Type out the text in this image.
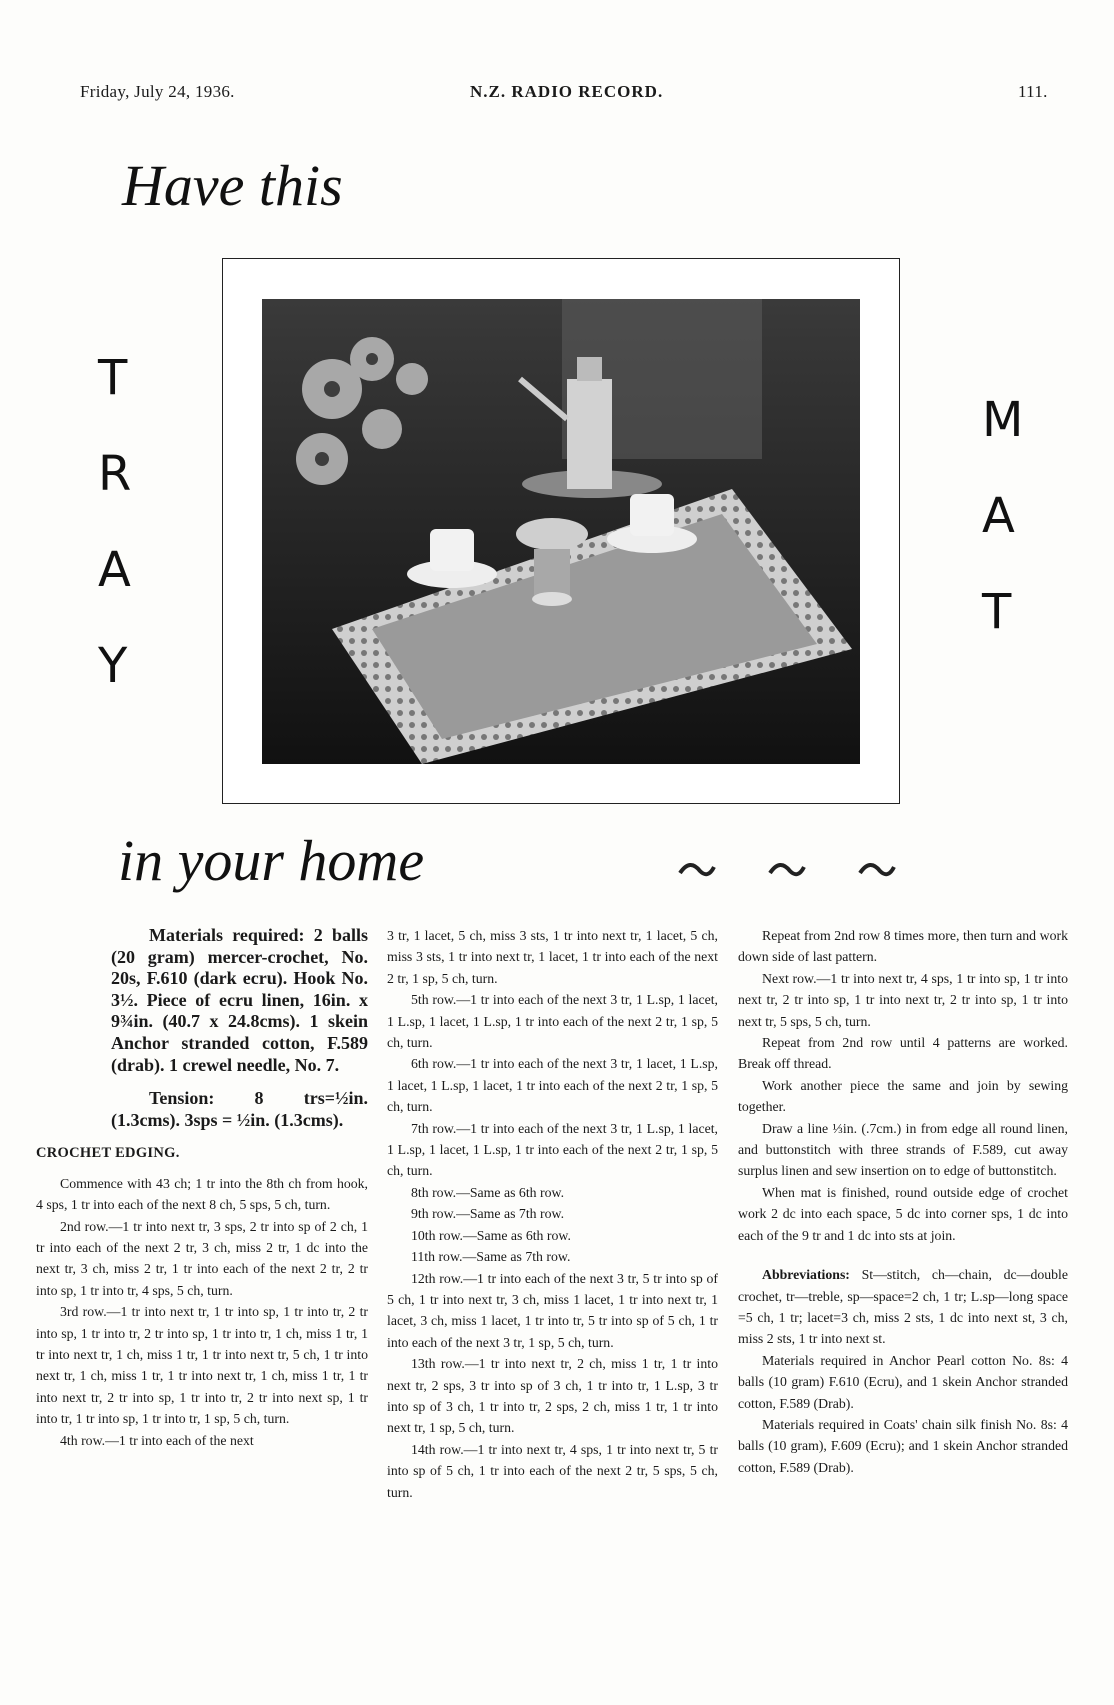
Friday, July 24, 1936.	N.Z. RADIO RECORD.	111.
Have this
T
R
A
Y
M
A
T
in your home

Materials required: 2 balls (20 gram) mercer-crochet, No. 20s, F.610 (dark ecru). Hook No. 3½. Piece of ecru linen, 16in. x 9¾in. (40.7 x 24.8cms). 1 skein Anchor stranded cotton, F.589 (drab). 1 crewel needle, No. 7.

Tension: 8 trs=½in. (1.3cms). 3sps = ½in. (1.3cms).

CROCHET EDGING.

Commence with 43 ch; 1 tr into the 8th ch from hook, 4 sps, 1 tr into each of the next 8 ch, 5 sps, 5 ch, turn.

2nd row.—1 tr into next tr, 3 sps, 2 tr into sp of 2 ch, 1 tr into each of the next 2 tr, 3 ch, miss 2 tr, 1 dc into the next tr, 3 ch, miss 2 tr, 1 tr into each of the next 2 tr, 2 tr into sp, 1 tr into tr, 4 sps, 5 ch, turn.

3rd row.—1 tr into next tr, 1 tr into sp, 1 tr into tr, 2 tr into sp, 1 tr into tr, 2 tr into sp, 1 tr into tr, 1 ch, miss 1 tr, 1 tr into next tr, 1 ch, miss 1 tr, 1 tr into next tr, 5 ch, 1 tr into next tr, 1 ch, miss 1 tr, 1 tr into next tr, 1 ch, miss 1 tr, 1 tr into next tr, 2 tr into sp, 1 tr into tr, 2 tr into next sp, 1 tr into tr, 1 tr into sp, 1 tr into tr, 1 sp, 5 ch, turn.

4th row.—1 tr into each of the next

3 tr, 1 lacet, 5 ch, miss 3 sts, 1 tr into next tr, 1 lacet, 5 ch, miss 3 sts, 1 tr into next tr, 1 lacet, 1 tr into each of the next 2 tr, 1 sp, 5 ch, turn.

5th row.—1 tr into each of the next 3 tr, 1 L.sp, 1 lacet, 1 L.sp, 1 lacet, 1 L.sp, 1 tr into each of the next 2 tr, 1 sp, 5 ch, turn.

6th row.—1 tr into each of the next 3 tr, 1 lacet, 1 L.sp, 1 lacet, 1 L.sp, 1 lacet, 1 tr into each of the next 2 tr, 1 sp, 5 ch, turn.

7th row.—1 tr into each of the next 3 tr, 1 L.sp, 1 lacet, 1 L.sp, 1 lacet, 1 L.sp, 1 tr into each of the next 2 tr, 1 sp, 5 ch, turn.

8th row.—Same as 6th row.

9th row.—Same as 7th row.

10th row.—Same as 6th row.

11th row.—Same as 7th row.

12th row.—1 tr into each of the next 3 tr, 5 tr into sp of 5 ch, 1 tr into next tr, 3 ch, miss 1 lacet, 1 tr into next tr, 1 lacet, 3 ch, miss 1 lacet, 1 tr into tr, 5 tr into sp of 5 ch, 1 tr into each of the next 3 tr, 1 sp, 5 ch, turn.

13th row.—1 tr into next tr, 2 ch, miss 1 tr, 1 tr into next tr, 2 sps, 3 tr into sp of 3 ch, 1 tr into tr, 1 L.sp, 3 tr into sp of 3 ch, 1 tr into tr, 2 sps, 2 ch, miss 1 tr, 1 tr into next tr, 1 sp, 5 ch, turn.

14th row.—1 tr into next tr, 4 sps, 1 tr into next tr, 5 tr into sp of 5 ch, 1 tr into each of the next 2 tr, 5 sps, 5 ch, turn.

Repeat from 2nd row 8 times more, then turn and work down side of last pattern.

Next row.—1 tr into next tr, 4 sps, 1 tr into sp, 1 tr into next tr, 2 tr into sp, 1 tr into next tr, 2 tr into sp, 1 tr into next tr, 5 sps, 5 ch, turn.

Repeat from 2nd row until 4 patterns are worked. Break off thread.

Work another piece the same and join by sewing together.

Draw a line ⅓in. (.7cm.) in from edge all round linen, and buttonstitch with three strands of F.589, cut away surplus linen and sew insertion on to edge of buttonstitch.

When mat is finished, round outside edge of crochet work 2 dc into each space, 5 dc into corner sps, 1 dc into each of the 9 tr and 1 dc into sts at join.

Abbreviations: St—stitch, ch—chain, dc—double crochet, tr—treble, sp—space=2 ch, 1 tr; L.sp—long space =5 ch, 1 tr; lacet=3 ch, miss 2 sts, 1 dc into next st, 3 ch, miss 2 sts, 1 tr into next st.

Materials required in Anchor Pearl cotton No. 8s: 4 balls (10 gram) F.610 (Ecru), and 1 skein Anchor stranded cotton, F.589 (Drab).

Materials required in Coats' chain silk finish No. 8s: 4 balls (10 gram), F.609 (Ecru); and 1 skein Anchor stranded cotton, F.589 (Drab).
